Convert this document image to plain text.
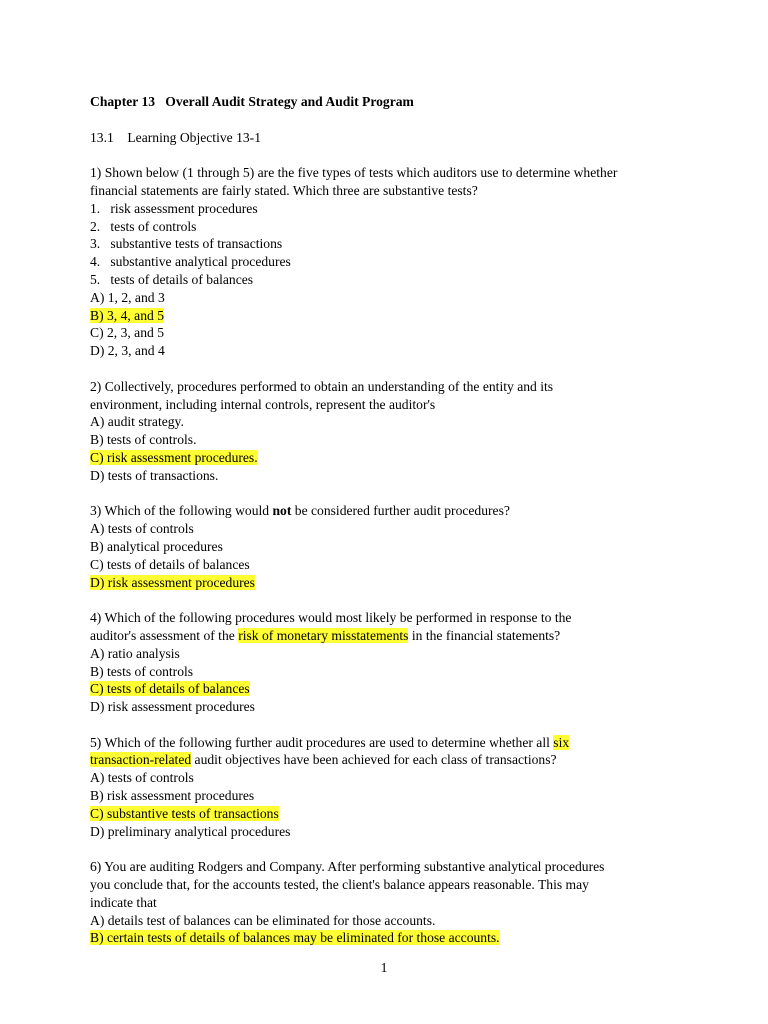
Chapter 13   Overall Audit Strategy and Audit Program
13.1    Learning Objective 13-1
1) Shown below (1 through 5) are the five types of tests which auditors use to determine whether
financial statements are fairly stated. Which three are substantive tests?
1.   risk assessment procedures
2.   tests of controls
3.   substantive tests of transactions
4.   substantive analytical procedures
5.   tests of details of balances
A) 1, 2, and 3
B) 3, 4, and 5
C) 2, 3, and 5
D) 2, 3, and 4
2) Collectively, procedures performed to obtain an understanding of the entity and its
environment, including internal controls, represent the auditor's
A) audit strategy.
B) tests of controls.
C) risk assessment procedures.
D) tests of transactions.
3) Which of the following would not be considered further audit procedures?
A) tests of controls
B) analytical procedures
C) tests of details of balances
D) risk assessment procedures
4) Which of the following procedures would most likely be performed in response to the
auditor's assessment of the risk of monetary misstatements in the financial statements?
A) ratio analysis
B) tests of controls
C) tests of details of balances
D) risk assessment procedures
5) Which of the following further audit procedures are used to determine whether all six
transaction-related audit objectives have been achieved for each class of transactions?
A) tests of controls
B) risk assessment procedures
C) substantive tests of transactions
D) preliminary analytical procedures
6) You are auditing Rodgers and Company. After performing substantive analytical procedures
you conclude that, for the accounts tested, the client's balance appears reasonable. This may
indicate that
A) details test of balances can be eliminated for those accounts.
B) certain tests of details of balances may be eliminated for those accounts.
1
